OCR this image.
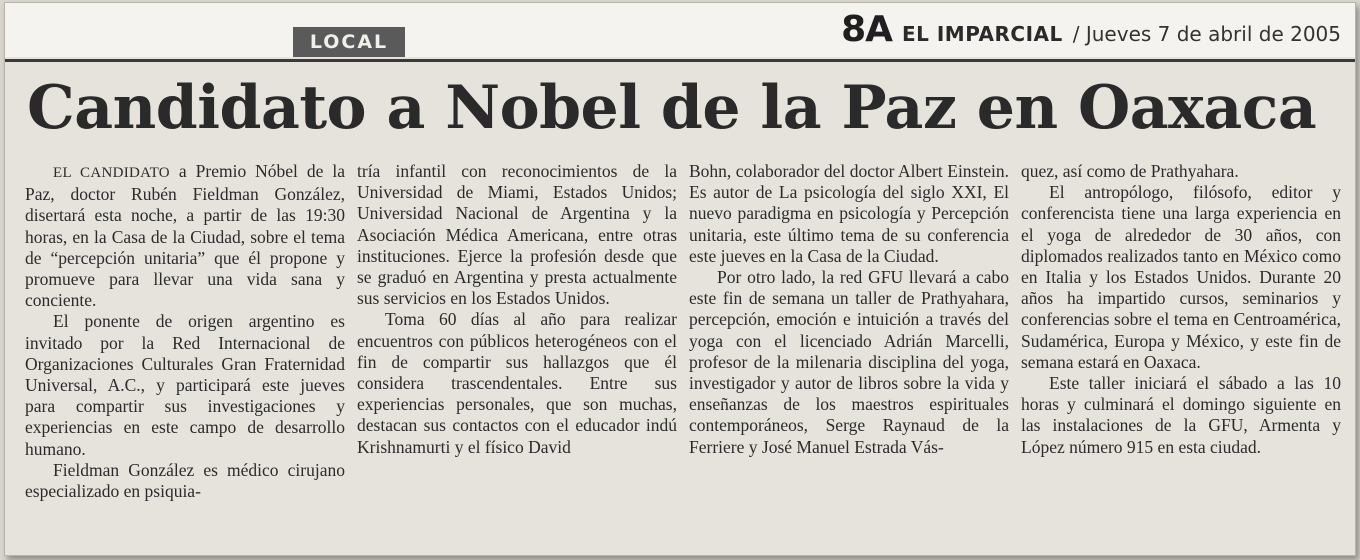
LOCAL	8A EL IMPARCIAL / Jueves 7 de abril de 2005
Candidato a Nobel de la Paz en Oaxaca

EL CANDIDATO a Premio Nóbel de la Paz, doctor Rubén Fieldman González, disertará esta noche, a partir de las 19:30 horas, en la Casa de la Ciudad, sobre el tema de “percepción unitaria” que él propone y promueve para llevar una vida sana y conciente.

El ponente de origen argentino es invitado por la Red Internacional de Organizaciones Culturales Gran Fraternidad Universal, A.C., y participará este jueves para compartir sus investigaciones y experiencias en este campo de desarrollo humano.

Fieldman González es médico cirujano especializado en psiquia-

tría infantil con reconocimientos de la Universidad de Miami, Estados Unidos; Universidad Nacional de Argentina y la Asociación Médica Americana, entre otras instituciones. Ejerce la profesión desde que se graduó en Argentina y presta actualmente sus servicios en los Estados Unidos.

Toma 60 días al año para realizar encuentros con públicos heterogéneos con el fin de compartir sus hallazgos que él considera trascendentales. Entre sus experiencias personales, que son muchas, destacan sus contactos con el educador indú Krishnamurti y el físico David

Bohn, colaborador del doctor Albert Einstein. Es autor de La psicología del siglo XXI, El nuevo paradigma en psicología y Percepción unitaria, este último tema de su conferencia este jueves en la Casa de la Ciudad.

Por otro lado, la red GFU llevará a cabo este fin de semana un taller de Prathyahara, percepción, emoción e intuición a través del yoga con el licenciado Adrián Marcelli, profesor de la milenaria disciplina del yoga, investigador y autor de libros sobre la vida y enseñanzas de los maestros espirituales contemporáneos, Serge Raynaud de la Ferriere y José Manuel Estrada Vás-

quez, así como de Prathyahara.

El antropólogo, filósofo, editor y conferencista tiene una larga experiencia en el yoga de alrededor de 30 años, con diplomados realizados tanto en México como en Italia y los Estados Unidos. Durante 20 años ha impartido cursos, seminarios y conferencias sobre el tema en Centroamérica, Sudamérica, Europa y México, y este fin de semana estará en Oaxaca.

Este taller iniciará el sábado a las 10 horas y culminará el domingo siguiente en las instalaciones de la GFU, Armenta y López número 915 en esta ciudad.
